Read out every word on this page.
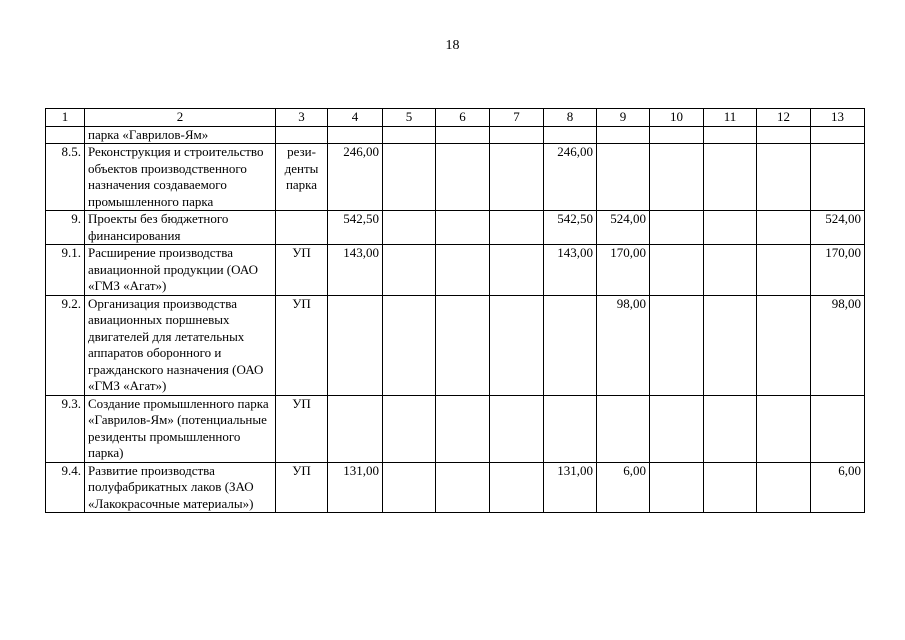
18
1	2	3	4	5	6	7	8	9	10	11	12	13
	парка «Гаврилов-Ям»											
8.5.	Реконструкция и строительство объектов производственного назначения создаваемого промышленного парка	рези-денты парка	246,00				246,00					
9.	Проекты без бюджетного финансирования		542,50				542,50	524,00				524,00
9.1.	Расширение производства авиационной продукции (ОАО «ГМЗ «Агат»)	УП	143,00				143,00	170,00				170,00
9.2.	Организация производства авиационных поршневых двигателей для летательных аппаратов оборонного и гражданского назначения (ОАО «ГМЗ «Агат»)	УП						98,00				98,00
9.3.	Создание промышленного парка «Гаврилов-Ям» (потенциальные резиденты промышленного парка)	УП										
9.4.	Развитие производства полуфабрикатных лаков (ЗАО «Лакокрасочные материалы»)	УП	131,00				131,00	6,00				6,00
